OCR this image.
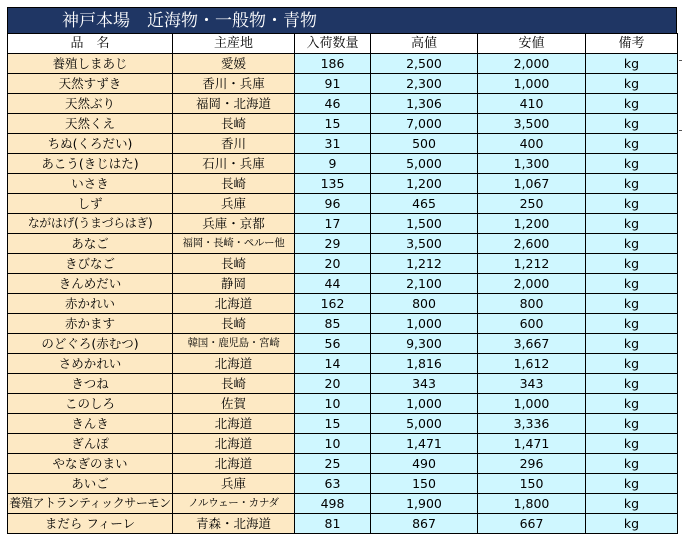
神戸本場　近海物・一般物・青物
品　名	主産地	入荷数量	高値	安値	備考
養殖しまあじ	愛媛	186	2,500	2,000	kg
天然すずき	香川・兵庫	91	2,300	1,000	kg
天然ぶり	福岡・北海道	46	1,306	410	kg
天然くえ	長崎	15	7,000	3,500	kg
ちぬ(くろだい)	香川	31	500	400	kg
あこう(きじはた)	石川・兵庫	9	5,000	1,300	kg
いさき	長崎	135	1,200	1,067	kg
しず	兵庫	96	465	250	kg
ながはげ(うまづらはぎ)	兵庫・京都	17	1,500	1,200	kg
あなご	福岡・長崎・ペルー他	29	3,500	2,600	kg
きびなご	長崎	20	1,212	1,212	kg
きんめだい	静岡	44	2,100	2,000	kg
赤かれい	北海道	162	800	800	kg
赤かます	長崎	85	1,000	600	kg
のどぐろ(赤むつ)	韓国・鹿児島・宮崎	56	9,300	3,667	kg
さめかれい	北海道	14	1,816	1,612	kg
きつね	長崎	20	343	343	kg
このしろ	佐賀	10	1,000	1,000	kg
きんき	北海道	15	5,000	3,336	kg
ぎんぽ	北海道	10	1,471	1,471	kg
やなぎのまい	北海道	25	490	296	kg
あいご	兵庫	63	150	150	kg
養殖アトランティックサーモン	ノルウェー・カナダ	498	1,900	1,800	kg
まだら フィーレ	青森・北海道	81	867	667	kg
